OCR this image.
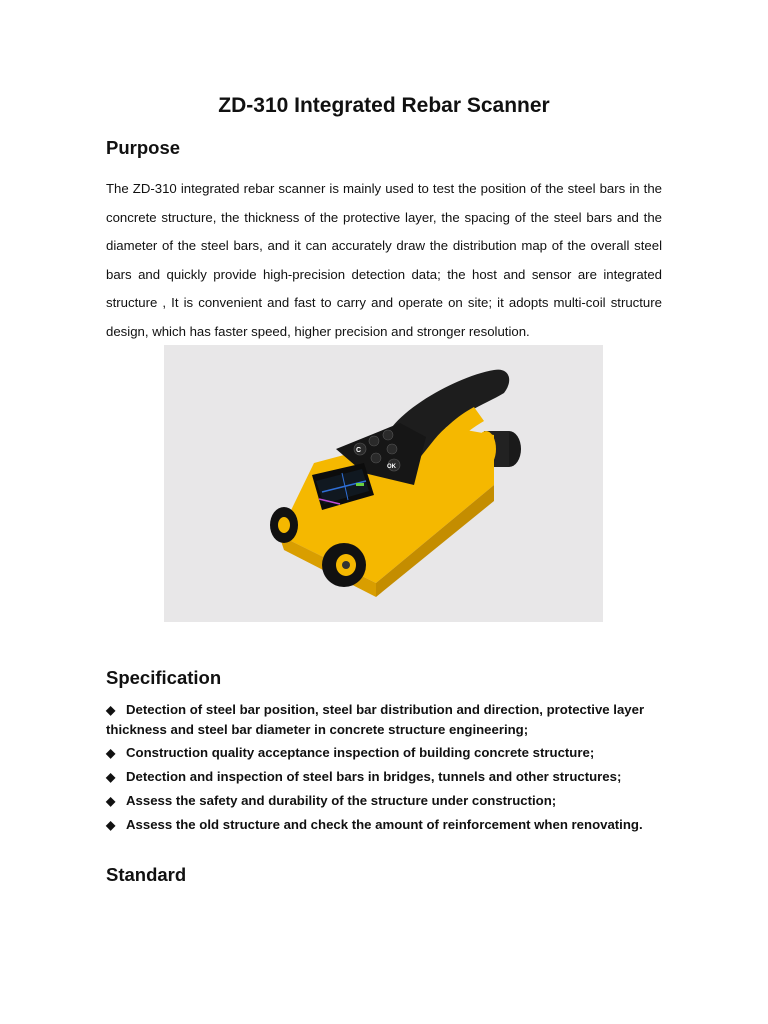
ZD-310 Integrated Rebar Scanner
Purpose

The ZD-310 integrated rebar scanner is mainly used to test the position of the steel bars in the concrete structure, the thickness of the protective layer, the spacing of the steel bars and the diameter of the steel bars, and it can accurately draw the distribution map of the overall steel bars and quickly provide high-precision detection data; the host and sensor are integrated structure , It is convenient and fast to carry and operate on site; it adopts multi-coil structure design, which has faster speed, higher precision and stronger resolution.

C
OK
Specification
◆ Detection of steel bar position, steel bar distribution and direction, protective layer thickness and steel bar diameter in concrete structure engineering;
◆ Construction quality acceptance inspection of building concrete structure;
◆ Detection and inspection of steel bars in bridges, tunnels and other structures;
◆ Assess the safety and durability of the structure under construction;
◆ Assess the old structure and check the amount of reinforcement when renovating.
Standard
